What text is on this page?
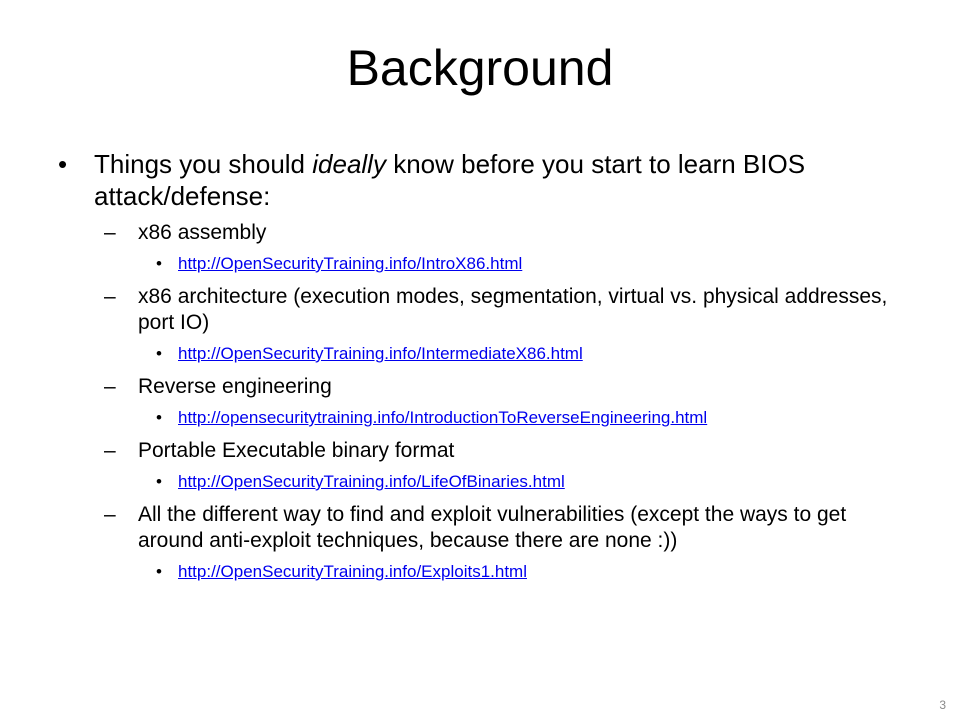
Background
• Things you should ideally know before you start to learn BIOS attack/defense:
– x86 assembly
• http://OpenSecurityTraining.info/IntroX86.html
– x86 architecture (execution modes, segmentation, virtual vs. physical addresses, port IO)
• http://OpenSecurityTraining.info/IntermediateX86.html
– Reverse engineering
• http://opensecuritytraining.info/IntroductionToReverseEngineering.html
– Portable Executable binary format
• http://OpenSecurityTraining.info/LifeOfBinaries.html
– All the different way to find and exploit vulnerabilities (except the ways to get around anti-exploit techniques, because there are none :))
• http://OpenSecurityTraining.info/Exploits1.html
3
